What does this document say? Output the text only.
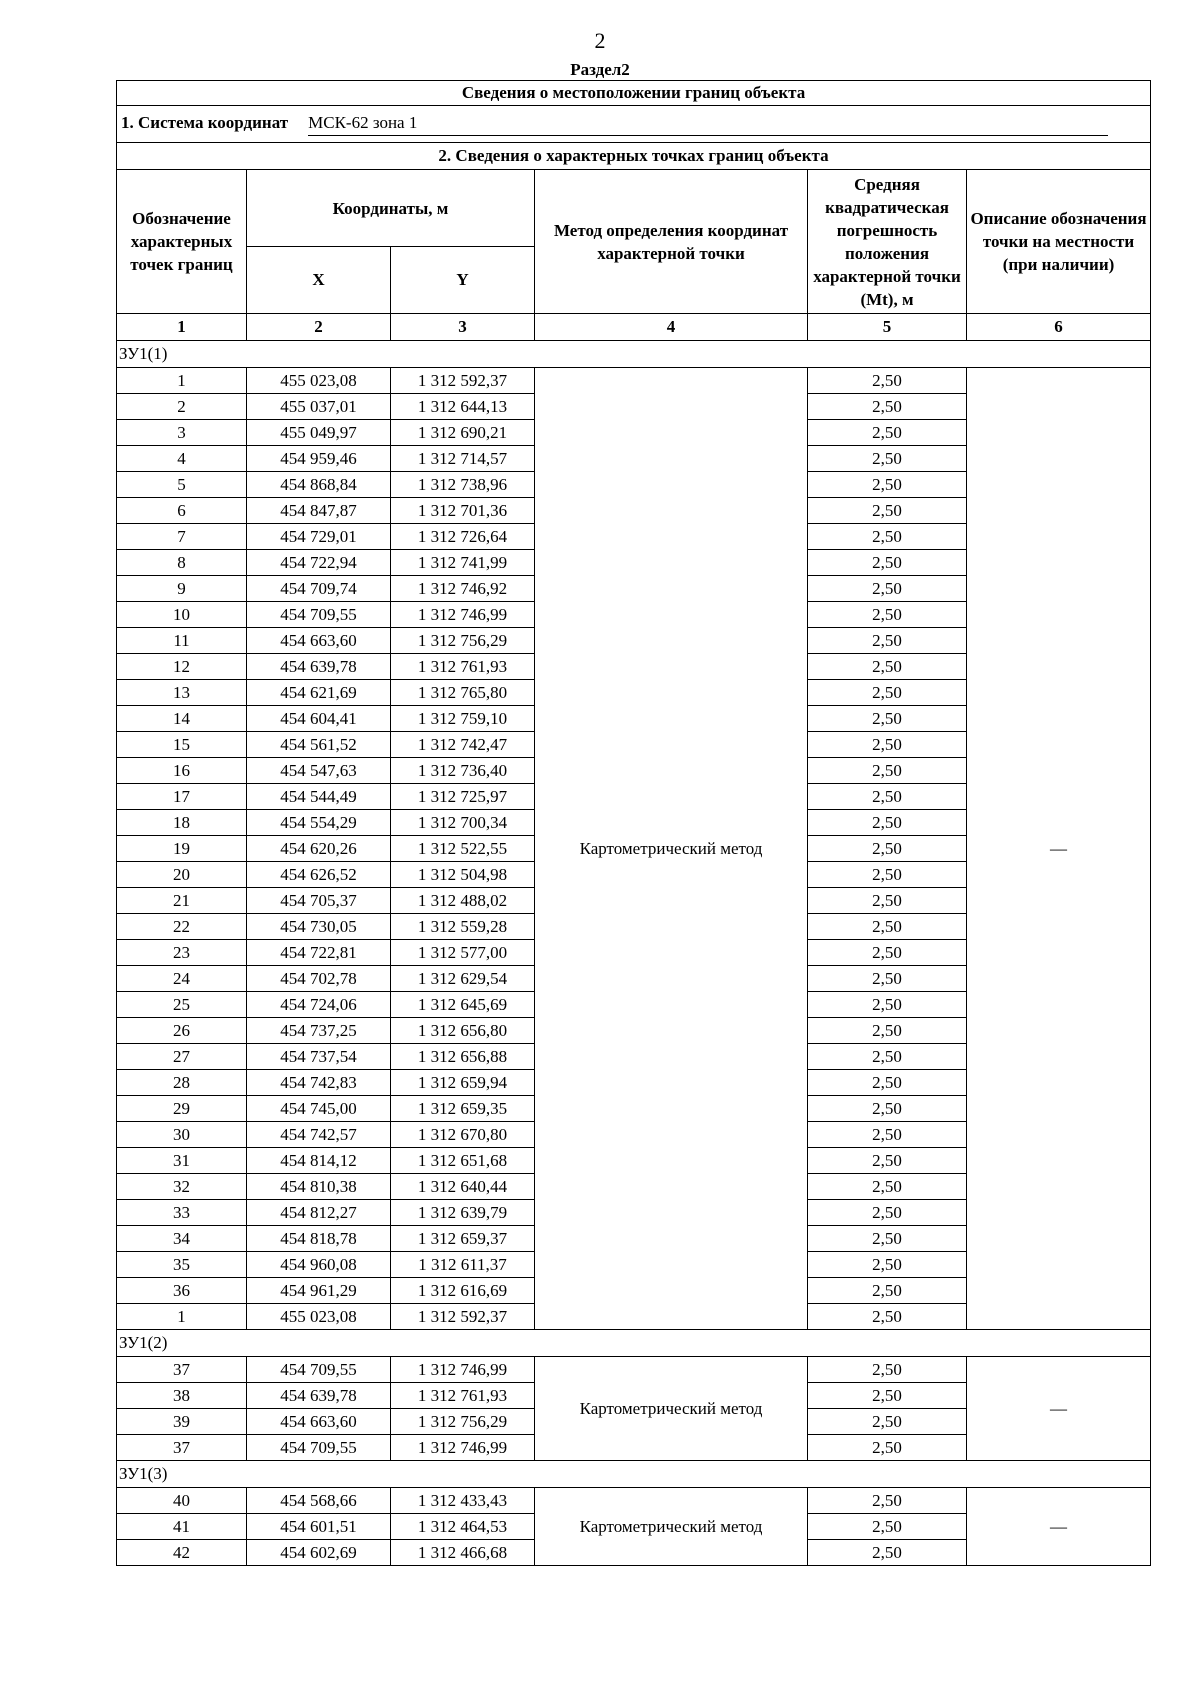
2
Раздел2
Сведения о местоположении границ объекта					
1. Система координат МСК-62 зона 1					
2. Сведения о характерных точках границ объекта					
Обозначение характерных точек границ	Координаты, м		Метод определения координат характерной точки	Средняя квадратическая погрешность положения характерной точки (Mt), м	Описание обозначения точки на местности (при наличии)
	X	Y			
1	2	3	4	5	6
ЗУ1(1)					
1	455 023,08	1 312 592,37	Картометрический метод	2,50	—
2	455 037,01	1 312 644,13		2,50	
3	455 049,97	1 312 690,21		2,50	
4	454 959,46	1 312 714,57		2,50	
5	454 868,84	1 312 738,96		2,50	
6	454 847,87	1 312 701,36		2,50	
7	454 729,01	1 312 726,64		2,50	
8	454 722,94	1 312 741,99		2,50	
9	454 709,74	1 312 746,92		2,50	
10	454 709,55	1 312 746,99		2,50	
11	454 663,60	1 312 756,29		2,50	
12	454 639,78	1 312 761,93		2,50	
13	454 621,69	1 312 765,80		2,50	
14	454 604,41	1 312 759,10		2,50	
15	454 561,52	1 312 742,47		2,50	
16	454 547,63	1 312 736,40		2,50	
17	454 544,49	1 312 725,97		2,50	
18	454 554,29	1 312 700,34		2,50	
19	454 620,26	1 312 522,55		2,50	
20	454 626,52	1 312 504,98		2,50	
21	454 705,37	1 312 488,02		2,50	
22	454 730,05	1 312 559,28		2,50	
23	454 722,81	1 312 577,00		2,50	
24	454 702,78	1 312 629,54		2,50	
25	454 724,06	1 312 645,69		2,50	
26	454 737,25	1 312 656,80		2,50	
27	454 737,54	1 312 656,88		2,50	
28	454 742,83	1 312 659,94		2,50	
29	454 745,00	1 312 659,35		2,50	
30	454 742,57	1 312 670,80		2,50	
31	454 814,12	1 312 651,68		2,50	
32	454 810,38	1 312 640,44		2,50	
33	454 812,27	1 312 639,79		2,50	
34	454 818,78	1 312 659,37		2,50	
35	454 960,08	1 312 611,37		2,50	
36	454 961,29	1 312 616,69		2,50	
1	455 023,08	1 312 592,37		2,50	
ЗУ1(2)					
37	454 709,55	1 312 746,99	Картометрический метод	2,50	—
38	454 639,78	1 312 761,93		2,50	
39	454 663,60	1 312 756,29		2,50	
37	454 709,55	1 312 746,99		2,50	
ЗУ1(3)					
40	454 568,66	1 312 433,43	Картометрический метод	2,50	—
41	454 601,51	1 312 464,53		2,50	
42	454 602,69	1 312 466,68		2,50	
